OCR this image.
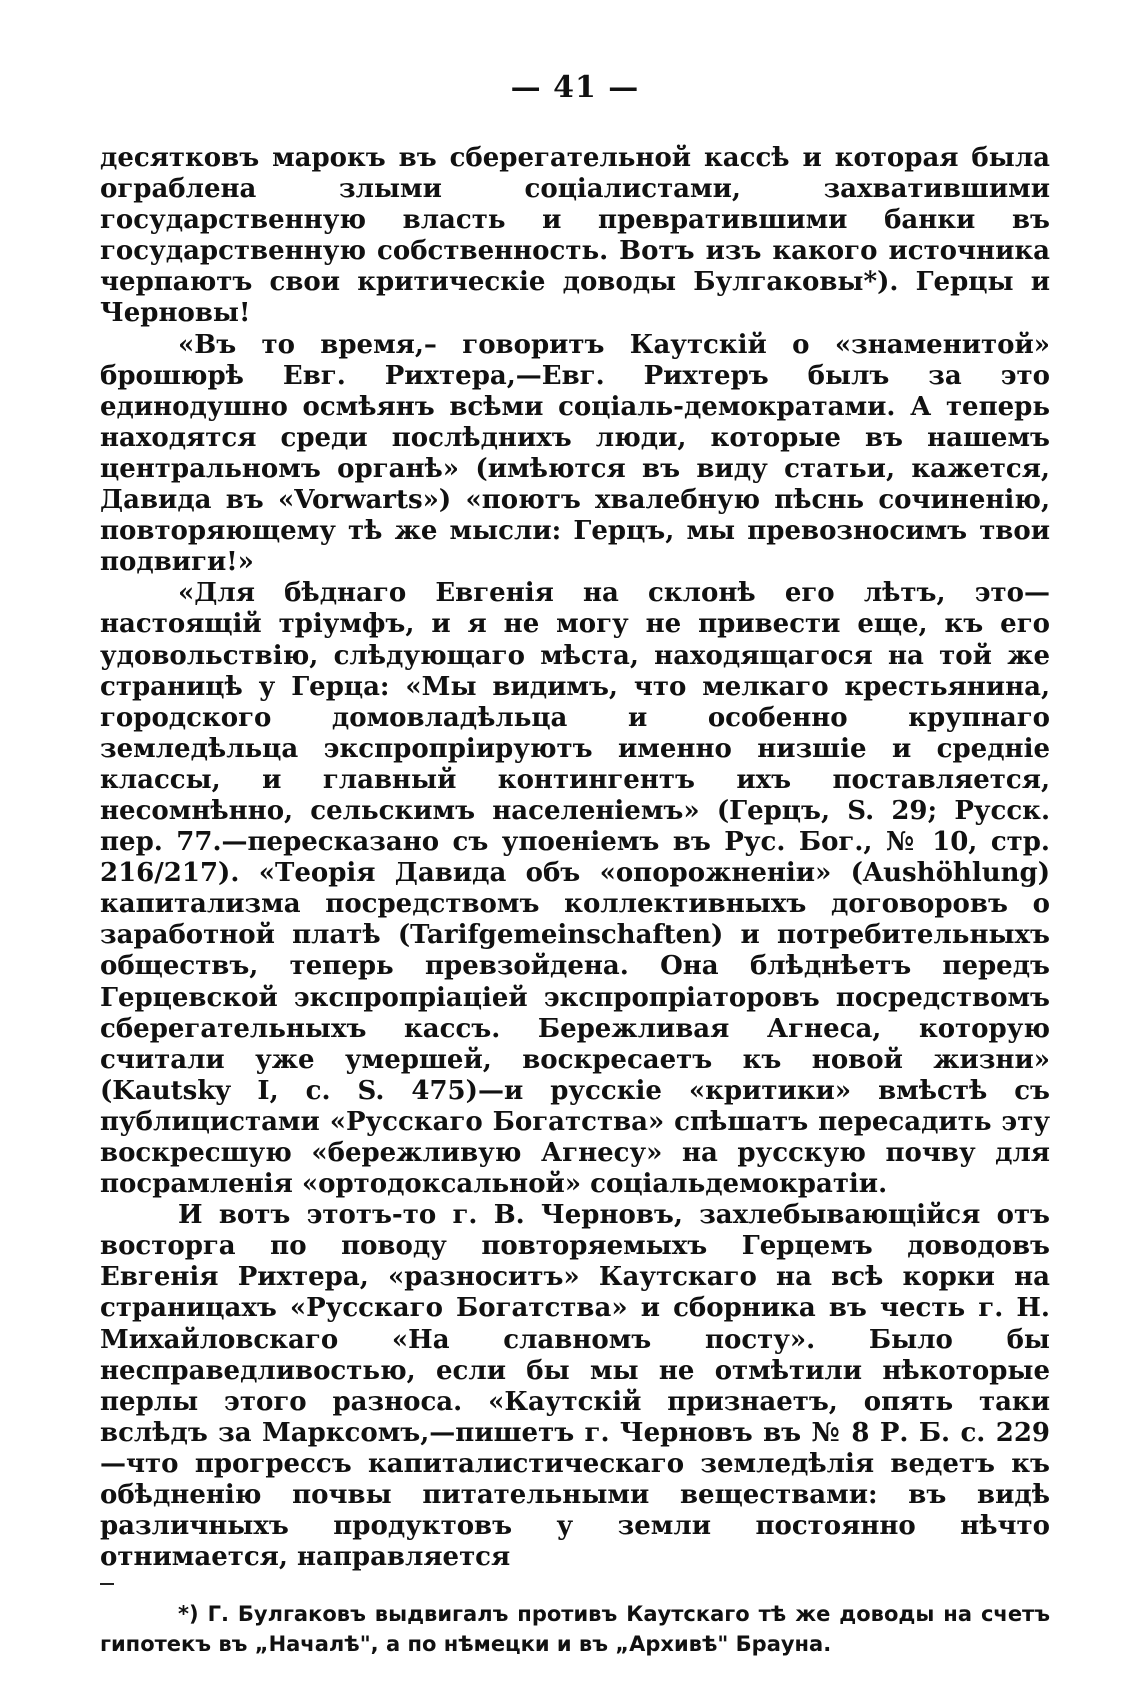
— 41 —

десятковъ марокъ въ сберегательной кассѣ и которая была ограблена злыми соціалистами, захватившими государственную власть и превратившими банки въ государственную собственность. Вотъ изъ какого источника черпаютъ свои критическіе доводы Булгаковы*). Герцы и Черновы!

«Въ то время,– говоритъ Каутскій о «знаменитой» брошюрѣ Евг. Рихтера,—Евг. Рихтеръ былъ за это единодушно осмѣянъ всѣми соціаль-демократами. А теперь находятся среди послѣднихъ люди, которые въ нашемъ центральномъ органѣ» (имѣются въ виду статьи, кажется, Давида въ «Vorwarts») «поютъ хвалебную пѣснь сочиненію, повторяющему тѣ же мысли: Герцъ, мы превозносимъ твои подвиги!»

«Для бѣднаго Евгенія на склонѣ его лѣтъ, это—настоящій тріумфъ, и я не могу не привести еще, къ его удовольствію, слѣдующаго мѣста, находящагося на той же страницѣ у Герца: «Мы видимъ, что мелкаго крестьянина, городского домовладѣльца и особенно крупнаго земледѣльца экспропріируютъ именно низшіе и средніе классы, и главный контингентъ ихъ поставляется, несомнѣнно, сельскимъ населеніемъ» (Герцъ, S. 29; Русск. пер. 77.—пересказано съ упоеніемъ въ Рус. Бог., № 10, стр. 216/217). «Теорія Давида объ «опорожненіи» (Aushöhlung) капитализма посредствомъ коллективныхъ договоровъ о заработной платѣ (Tarifgemeinschaften) и потребительныхъ обществъ, теперь превзойдена. Она блѣднѣетъ передъ Герцевской экспропріаціей экспропріаторовъ посредствомъ сберегательныхъ кассъ. Бережливая Агнеса, которую считали уже умершей, воскресаетъ къ новой жизни» (Kautsky I, с. S. 475)—и русскіе «критики» вмѣстѣ съ публицистами «Русскаго Богатства» спѣшатъ пересадить эту воскресшую «бережливую Агнесу» на русскую почву для посрамленія «ортодоксальной» соціальдемократіи.

И вотъ этотъ-то г. В. Черновъ, захлебывающійся отъ восторга по поводу повторяемыхъ Герцемъ доводовъ Евгенія Рихтера, «разноситъ» Каутскаго на всѣ корки на страницахъ «Русскаго Богатства» и сборника въ честь г. Н. Михайловскаго «На славномъ посту». Было бы несправедливостью, если бы мы не отмѣтили нѣкоторые перлы этого разноса. «Каутскій признаетъ, опять таки вслѣдъ за Марксомъ,—пишетъ г. Черновъ въ № 8 Р. Б. с. 229 —что прогрессъ капиталистическаго земледѣлія ведетъ къ обѣдненію почвы питательными веществами: въ видѣ различныхъ продуктовъ у земли постоянно нѣчто отнимается, направляется

*) Г. Булгаковъ выдвигалъ противъ Каутскаго тѣ же доводы на счетъ гипотекъ въ „Началѣ", а по нѣмецки и въ „Архивѣ" Брауна.
